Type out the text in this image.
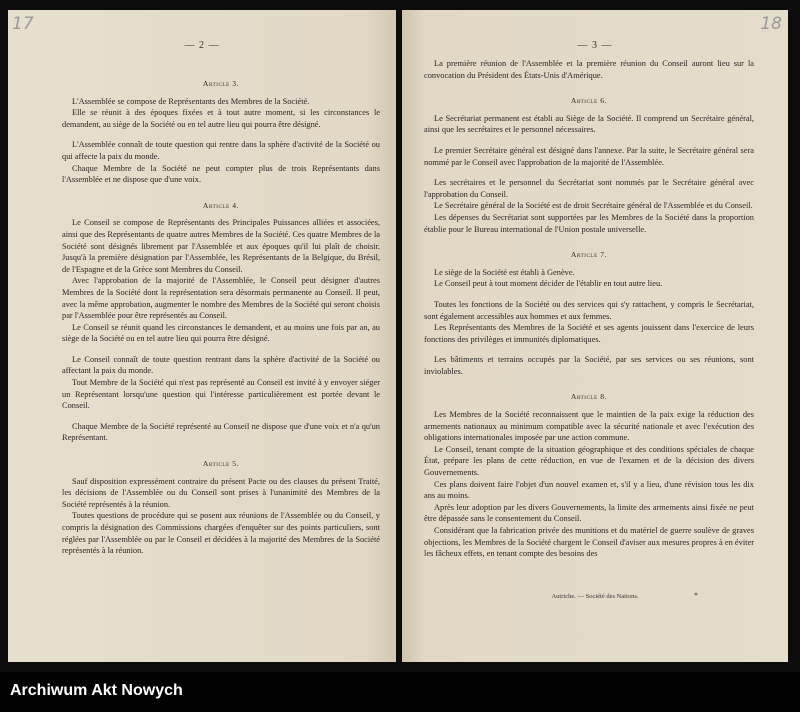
17
— 2 —
Article 3.

L'Assemblée se compose de Représentants des Membres de la Société.

Elle se réunit à des époques fixées et à tout autre moment, si les circonstances le demandent, au siège de la Société ou en tel autre lieu qui pourra être désigné.

L'Assemblée connaît de toute question qui rentre dans la sphère d'activité de la Société ou qui affecte la paix du monde.

Chaque Membre de la Société ne peut compter plus de trois Représentants dans l'Assemblée et ne dispose que d'une voix.

Article 4.

Le Conseil se compose de Représentants des Principales Puissances alliées et associées, ainsi que des Représentants de quatre autres Membres de la Société. Ces quatre Membres de la Société sont désignés librement par l'Assemblée et aux époques qu'il lui plaît de choisir. Jusqu'à la première désignation par l'Assemblée, les Représentants de la Belgique, du Brésil, de l'Espagne et de la Grèce sont Membres du Conseil.

Avec l'approbation de la majorité de l'Assemblée, le Conseil peut désigner d'autres Membres de la Société dont la représentation sera désormais permanente au Conseil. Il peut, avec la même approbation, augmenter le nombre des Membres de la Société qui seront choisis par l'Assemblée pour être représentés au Conseil.

Le Conseil se réunit quand les circonstances le demandent, et au moins une fois par an, au siège de la Société ou en tel autre lieu qui pourra être désigné.

Le Conseil connaît de toute question rentrant dans la sphère d'activité de la Société ou affectant la paix du monde.

Tout Membre de la Société qui n'est pas représenté au Conseil est invité à y envoyer siéger un Représentant lorsqu'une question qui l'intéresse particulièrement est portée devant le Conseil.

Chaque Membre de la Société représenté au Conseil ne dispose que d'une voix et n'a qu'un Représentant.

Article 5.

Sauf disposition expressément contraire du présent Pacte ou des clauses du présent Traité, les décisions de l'Assemblée ou du Conseil sont prises à l'unanimité des Membres de la Société représentés à la réunion.

Toutes questions de procédure qui se posent aux réunions de l'Assemblée ou du Conseil, y compris la désignation des Commissions chargées d'enquêter sur des points particuliers, sont réglées par l'Assemblée ou par le Conseil et décidées à la majorité des Membres de la Société représentés à la réunion.

18
— 3 —

La première réunion de l'Assemblée et la première réunion du Conseil auront lieu sur la convocation du Président des États-Unis d'Amérique.

Article 6.

Le Secrétariat permanent est établi au Siège de la Société. Il comprend un Secrétaire général, ainsi que les secrétaires et le personnel nécessaires.

Le premier Secrétaire général est désigné dans l'annexe. Par la suite, le Secrétaire général sera nommé par le Conseil avec l'approbation de la majorité de l'Assemblée.

Les secrétaires et le personnel du Secrétariat sont nommés par le Secrétaire général avec l'approbation du Conseil.

Le Secrétaire général de la Société est de droit Secrétaire général de l'Assemblée et du Conseil.

Les dépenses du Secrétariat sont supportées par les Membres de la Société dans la proportion établie pour le Bureau international de l'Union postale universelle.

Article 7.

Le siège de la Société est établi à Genève.

Le Conseil peut à tout moment décider de l'établir en tout autre lieu.

Toutes les fonctions de la Société ou des services qui s'y rattachent, y compris le Secrétariat, sont également accessibles aux hommes et aux femmes.

Les Représentants des Membres de la Société et ses agents jouissent dans l'exercice de leurs fonctions des privilèges et immunités diplomatiques.

Les bâtiments et terrains occupés par la Société, par ses services ou ses réunions, sont inviolables.

Article 8.

Les Membres de la Société reconnaissent que le maintien de la paix exige la réduction des armements nationaux au minimum compatible avec la sécurité nationale et avec l'exécution des obligations internationales imposée par une action commune.

Le Conseil, tenant compte de la situation géographique et des conditions spéciales de chaque État, prépare les plans de cette réduction, en vue de l'examen et de la décision des divers Gouvernements.

Ces plans doivent faire l'objet d'un nouvel examen et, s'il y a lieu, d'une révision tous les dix ans au moins.

Après leur adoption par les divers Gouvernements, la limite des armements ainsi fixée ne peut être dépassée sans le consentement du Conseil.

Considérant que la fabrication privée des munitions et du matériel de guerre soulève de graves objections, les Membres de la Société chargent le Conseil d'aviser aux mesures propres à en éviter les fâcheux effets, en tenant compte des besoins des

Autriche. — Société des Nations.	*
Archiwum Akt Nowych
